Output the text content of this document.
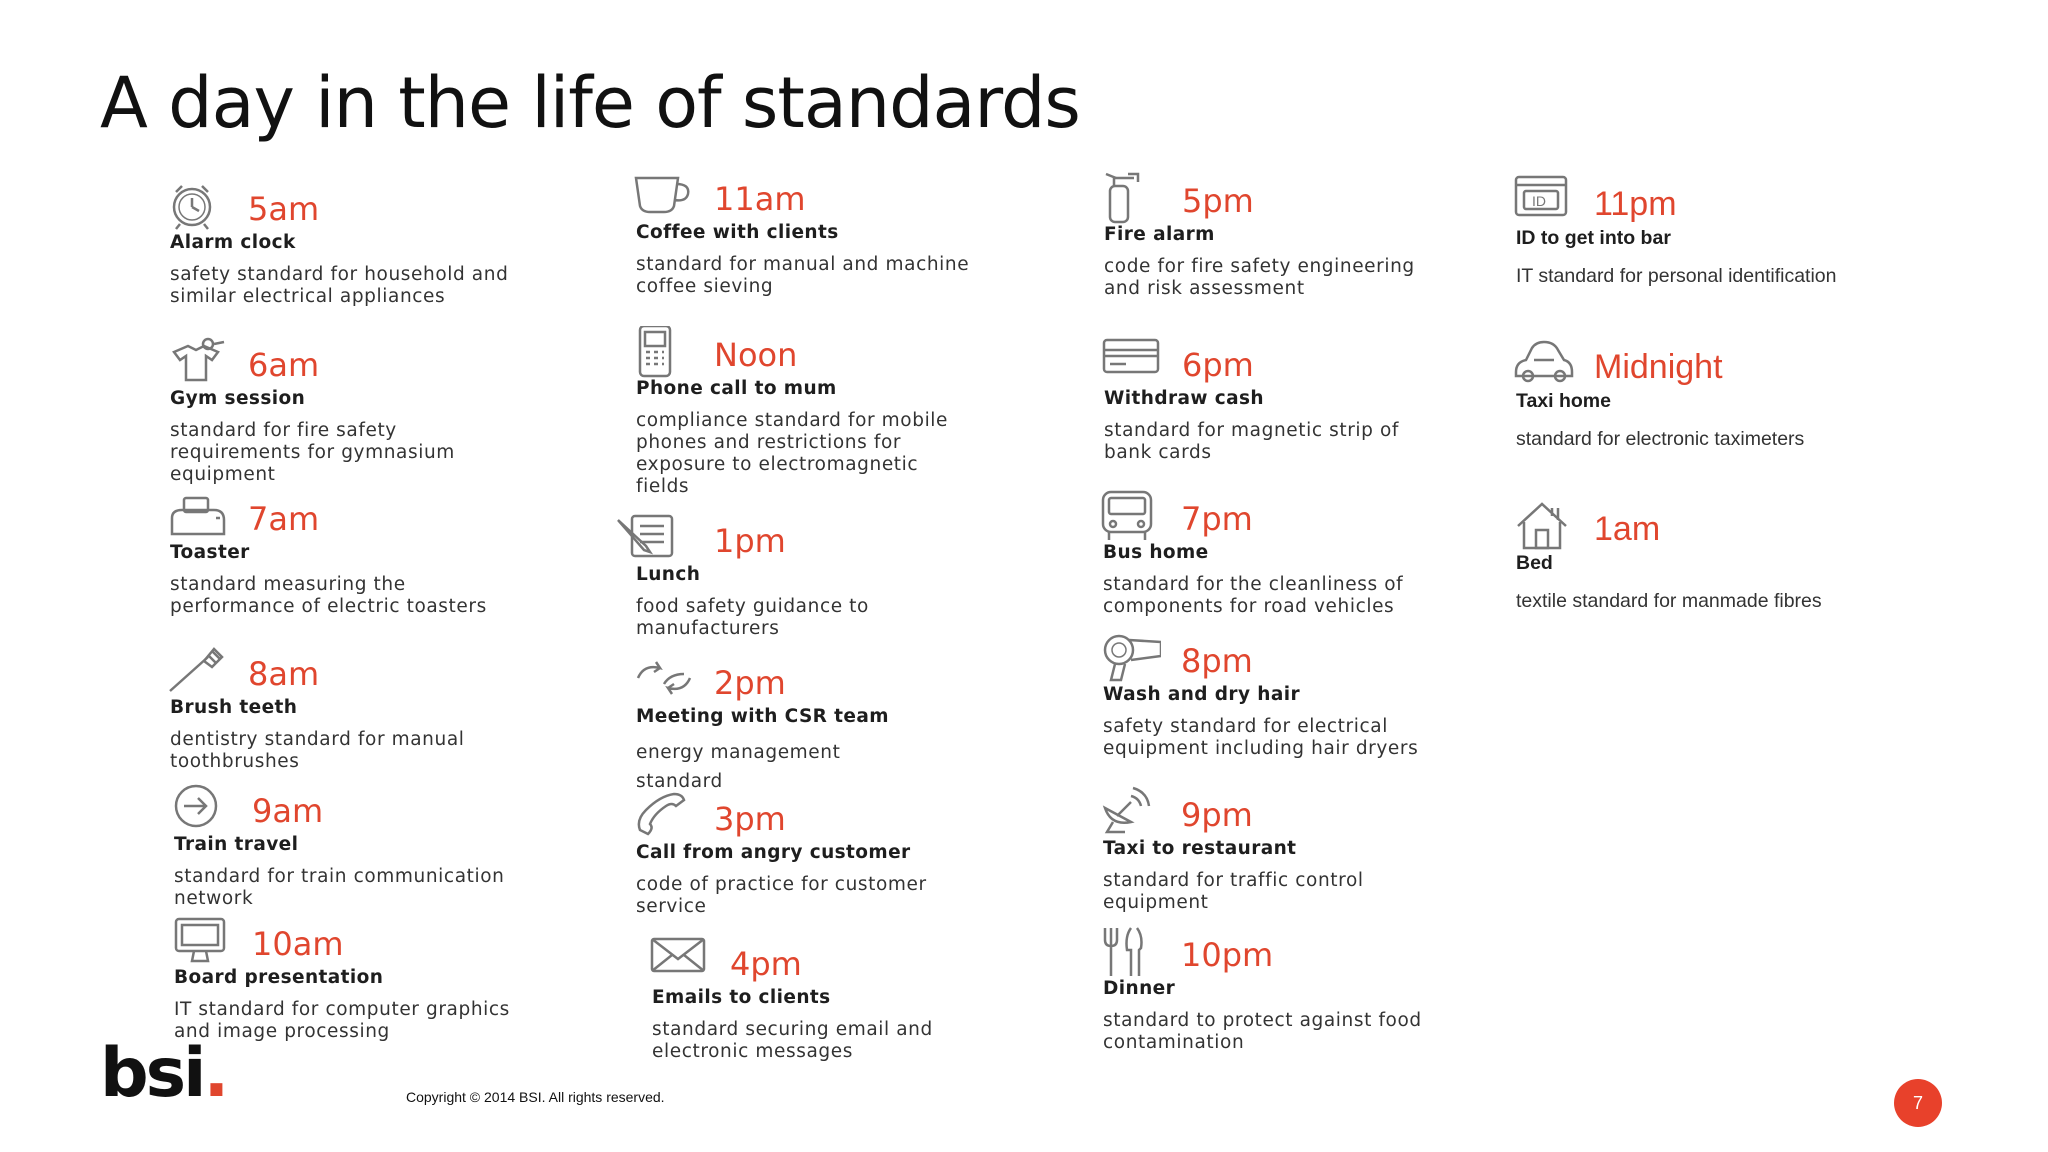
A day in the life of standards
5am
Alarm clock

safety standard for household and similar electrical appliances

6am
Gym session

standard for fire safety requirements for gymnasium equipment

7am
Toaster

standard measuring the performance of electric toasters

8am
Brush teeth

dentistry standard for manual toothbrushes

9am
Train travel

standard for train communication network

10am
Board presentation

IT standard for computer graphics and image processing

11am
Coffee with clients

standard for manual and machine coffee sieving

Noon
Phone call to mum

compliance standard for mobile phones and restrictions for exposure to electromagnetic fields

1pm
Lunch

food safety guidance to manufacturers

2pm
Meeting with CSR team

energy management standard

3pm
Call from angry customer

code of practice for customer service

4pm
Emails to clients

standard securing email and electronic messages

5pm
Fire alarm

code for fire safety engineering and risk assessment

6pm
Withdraw cash

standard for magnetic strip of bank cards

7pm
Bus home

standard for the cleanliness of components for road vehicles

8pm
Wash and dry hair

safety standard for electrical equipment including hair dryers

9pm
Taxi to restaurant

standard for traffic control equipment

10pm
Dinner

standard to protect against food contamination

ID 11pm
ID to get into bar

IT standard for personal identification

Midnight
Taxi home

standard for electronic taximeters

1am
Bed

textile standard for manmade fibres

bsi.	Copyright © 2014 BSI. All rights reserved.	7
